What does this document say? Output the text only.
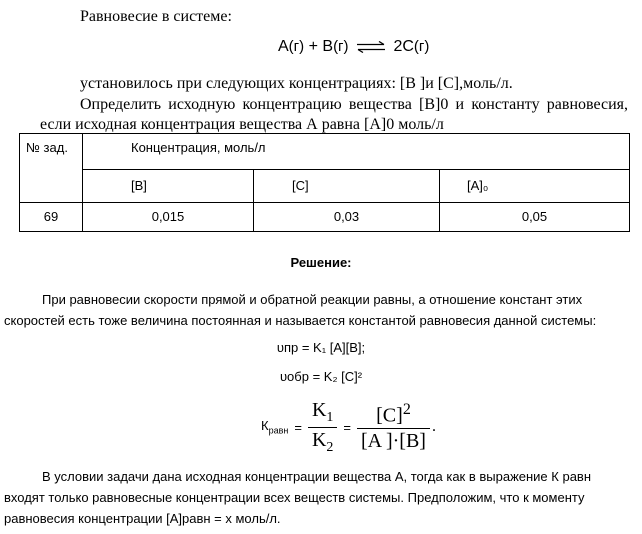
Равновесие в системе:
A(г) + B(г) ⇌ 2C(г)
установилось при следующих концентрациях: [B ]и [C],моль/л.
Определить исходную концентрацию вещества [B]0 и константу равновесия,
если исходная концентрация вещества А равна [A]0 моль/л
№ зад.	Концентрация, моль/л		

	[B]	[C]	[A]₀

69	0,015	0,03	0,05
Решение:
При равновесии скорости прямой и обратной реакции равны, а отношение констант этих
скоростей есть тоже величина постоянная и называется константой равновесия данной системы:
υпр = K₁ [A][B];
υобр = K₂ [C]²
$К_{равн} = \frac{K_1}{K_2} = \frac{[C]^2}{[A ]\cdot[B]}$ .
В условии задачи дана исходная концентрации вещества А, тогда как в выражение К равн
входят только равновесные концентрации всех веществ системы. Предположим, что к моменту
равновесия концентрации [A]равн = x моль/л.
